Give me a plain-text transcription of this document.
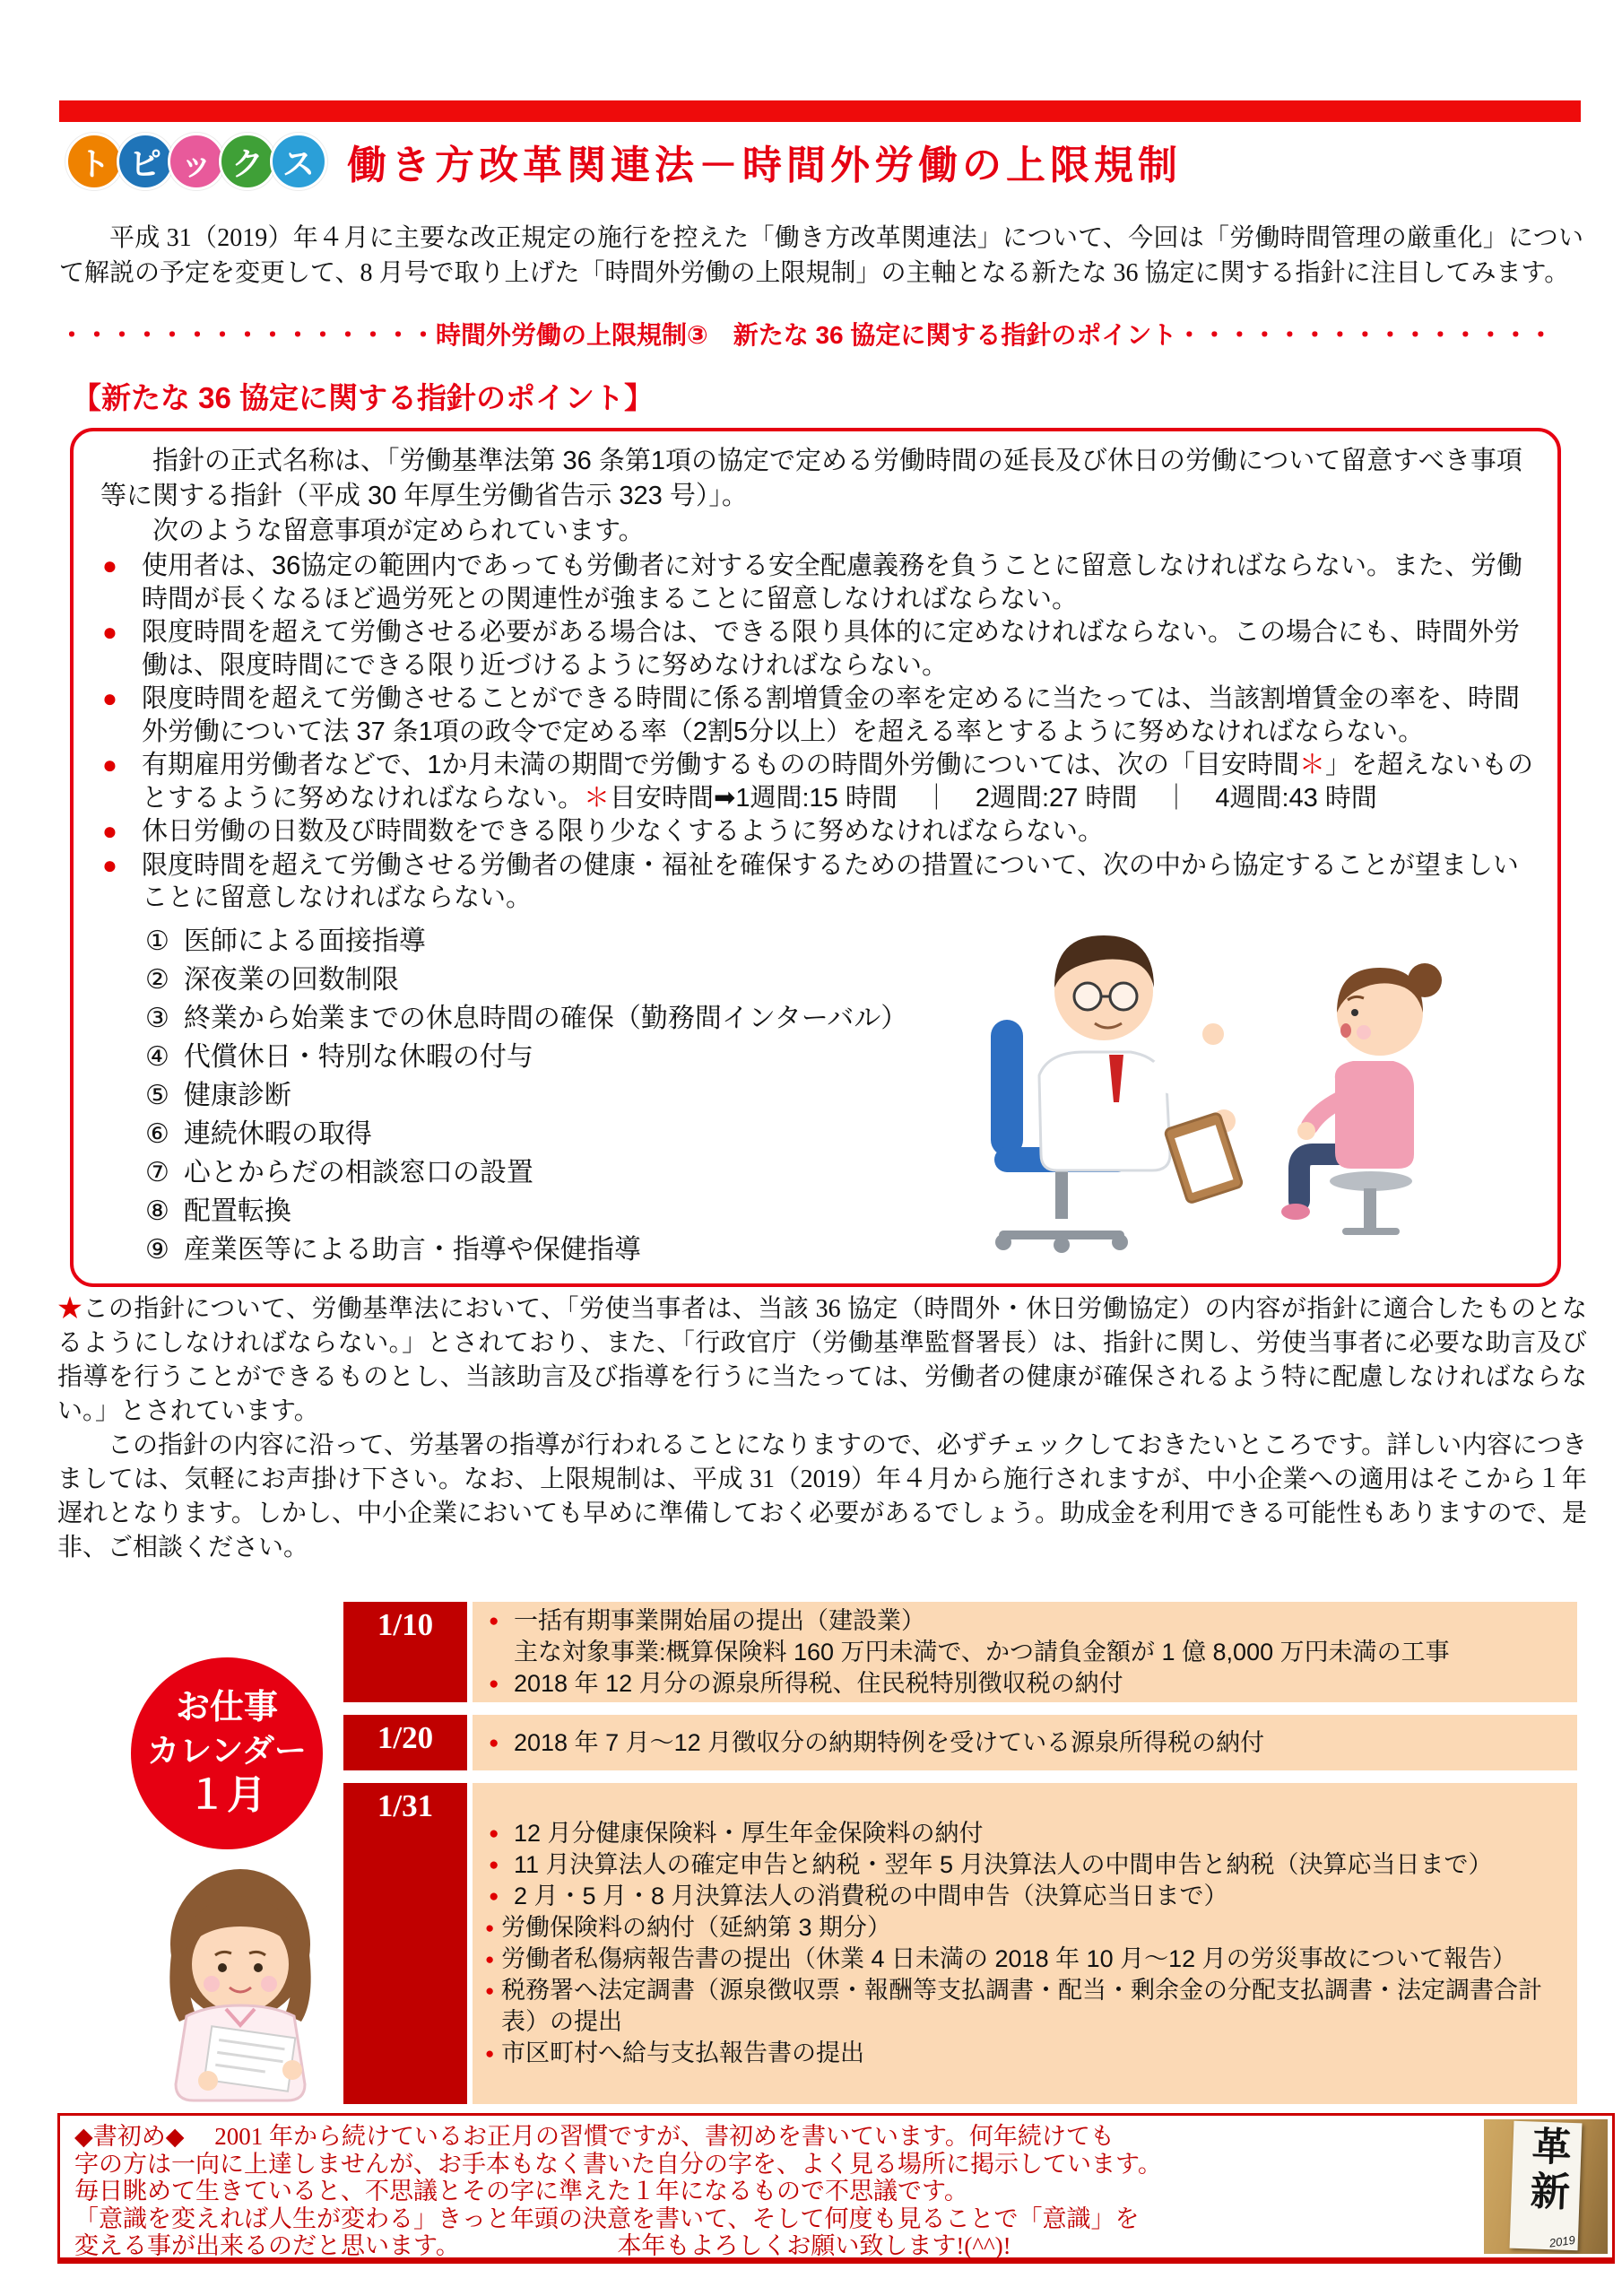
ト ピ ッ ク ス 働き方改革関連法－時間外労働の上限規制

平成 31（2019）年４月に主要な改正規定の施行を控えた「働き方改革関連法」について、今回は「労働時間管理の厳重化」について解説の予定を変更して、8 月号で取り上げた「時間外労働の上限規制」の主軸となる新たな 36 協定に関する指針に注目してみます。

・・・・・・・・・・・・・・・時間外労働の上限規制③　新たな 36 協定に関する指針のポイント・・・・・・・・・・・・・・・
【新たな 36 協定に関する指針のポイント】

指針の正式名称は、「労働基準法第 36 条第1項の協定で定める労働時間の延長及び休日の労働について留意すべき事項等に関する指針（平成 30 年厚生労働省告示 323 号）」。

次のような留意事項が定められています。

● 使用者は、36協定の範囲内であっても労働者に対する安全配慮義務を負うことに留意しなければならない。また、労働時間が長くなるほど過労死との関連性が強まることに留意しなければならない。
● 限度時間を超えて労働させる必要がある場合は、できる限り具体的に定めなければならない。この場合にも、時間外労働は、限度時間にできる限り近づけるように努めなければならない。
● 限度時間を超えて労働させることができる時間に係る割増賃金の率を定めるに当たっては、当該割増賃金の率を、時間外労働について法 37 条1項の政令で定める率（2割5分以上）を超える率とするように努めなければならない。
● 有期雇用労働者などで、1か月未満の期間で労働するものの時間外労働については、次の「目安時間＊」を超えないものとするように努めなければならない。＊目安時間➡1週間:15 時間　｜　2週間:27 時間　｜　4週間:43 時間
● 休日労働の日数及び時間数をできる限り少なくするように努めなければならない。
● 限度時間を超えて労働させる労働者の健康・福祉を確保するための措置について、次の中から協定することが望ましいことに留意しなければならない。
① 医師による面接指導
② 深夜業の回数制限
③ 終業から始業までの休息時間の確保（勤務間インターバル）
④ 代償休日・特別な休暇の付与
⑤ 健康診断
⑥ 連続休暇の取得
⑦ 心とからだの相談窓口の設置
⑧ 配置転換
⑨ 産業医等による助言・指導や保健指導

★この指針について、労働基準法において、「労使当事者は、当該 36 協定（時間外・休日労働協定）の内容が指針に適合したものとなるようにしなければならない。」とされており、また、「行政官庁（労働基準監督署長）は、指針に関し、労使当事者に必要な助言及び指導を行うことができるものとし、当該助言及び指導を行うに当たっては、労働者の健康が確保されるよう特に配慮しなければならない。」とされています。

この指針の内容に沿って、労基署の指導が行われることになりますので、必ずチェックしておきたいところです。詳しい内容につきましては、気軽にお声掛け下さい。なお、上限規制は、平成 31（2019）年４月から施行されますが、中小企業への適用はそこから１年遅れとなります。しかし、中小企業においても早めに準備しておく必要があるでしょう。助成金を利用できる可能性もありますので、是非、ご相談ください。

お仕事
カレンダー
１月
1/10	● 一括有期事業開始届の提出（建設業）
主な対象事業:概算保険料 160 万円未満で、かつ請負金額が 1 億 8,000 万円未満の工事
● 2018 年 12 月分の源泉所得税、住民税特別徴収税の納付
1/20	● 2018 年 7 月～12 月徴収分の納期特例を受けている源泉所得税の納付
1/31
● 12 月分健康保険料・厚生年金保険料の納付
● 11 月決算法人の確定申告と納税・翌年 5 月決算法人の中間申告と納税（決算応当日まで）
● 2 月・5 月・8 月決算法人の消費税の中間申告（決算応当日まで）
● 労働保険料の納付（延納第 3 期分）
● 労働者私傷病報告書の提出（休業 4 日未満の 2018 年 10 月～12 月の労災事故について報告）
● 税務署へ法定調書（源泉徴収票・報酬等支払調書・配当・剰余金の分配支払調書・法定調書合計表）の提出
● 市区町村へ給与支払報告書の提出
◆書初め◆　 2001 年から続けているお正月の習慣ですが、書初めを書いています。何年続けても
字の方は一向に上達しませんが、お手本もなく書いた自分の字を、よく見る場所に掲示しています。
毎日眺めて生きていると、不思議とその字に準えた１年になるもので不思議です。
「意識を変えれば人生が変わる」きっと年頭の決意を書いて、そして何度も見ることで「意識」を
変える事が出来るのだと思います。　　　　　　　本年もよろしくお願い致します!(^^)!
革新
2019
